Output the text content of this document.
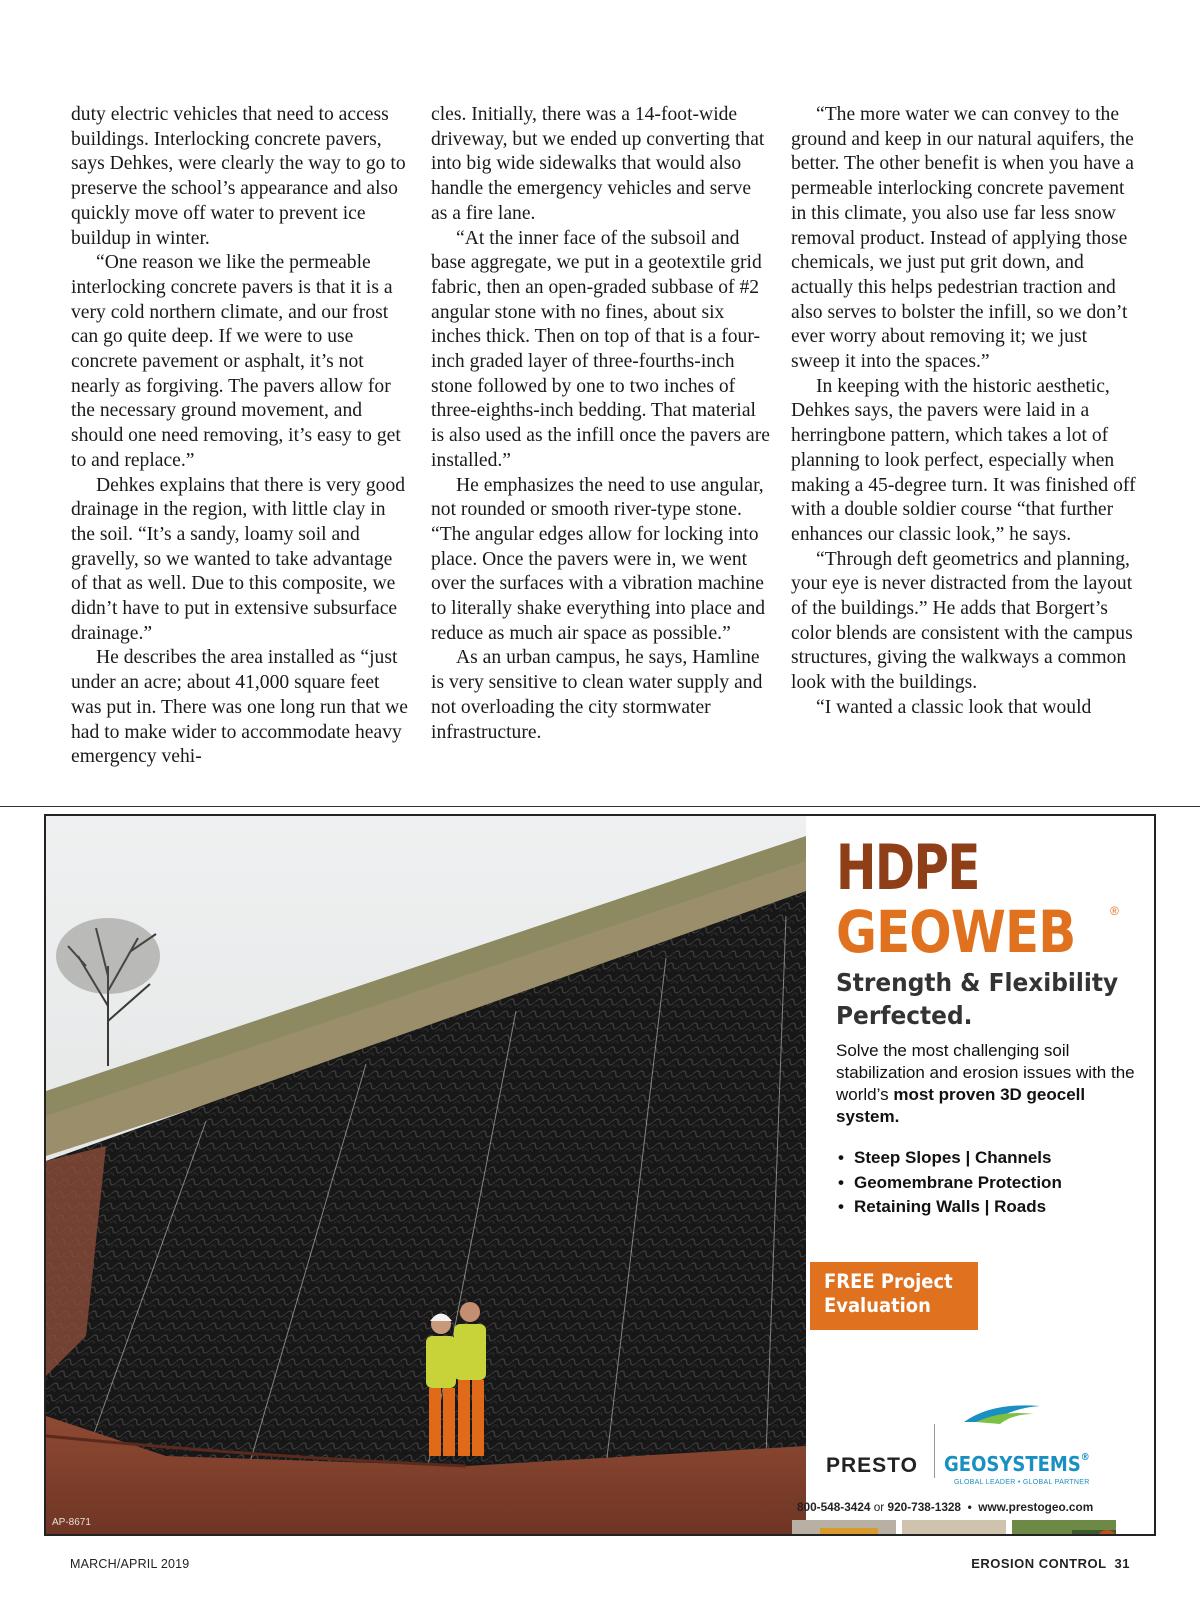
duty electric vehicles that need to access buildings. Interlocking concrete pavers, says Dehkes, were clearly the way to go to preserve the school’s appearance and also quickly move off water to prevent ice buildup in winter.

“One reason we like the permeable interlocking concrete pavers is that it is a very cold northern climate, and our frost can go quite deep. If we were to use concrete pavement or asphalt, it’s not nearly as forgiving. The pavers allow for the necessary ground movement, and should one need removing, it’s easy to get to and replace.”

Dehkes explains that there is very good drainage in the region, with little clay in the soil. “It’s a sandy, loamy soil and gravelly, so we wanted to take advantage of that as well. Due to this composite, we didn’t have to put in extensive subsurface drainage.”

He describes the area installed as “just under an acre; about 41,000 square feet was put in. There was one long run that we had to make wider to accommodate heavy emergency vehi-

cles. Initially, there was a 14-foot-wide driveway, but we ended up converting that into big wide sidewalks that would also handle the emergency vehicles and serve as a fire lane.

“At the inner face of the subsoil and base aggregate, we put in a geotextile grid fabric, then an open-graded subbase of #2 angular stone with no fines, about six inches thick. Then on top of that is a four-inch graded layer of three-fourths-inch stone followed by one to two inches of three-eighths-inch bedding. That material is also used as the infill once the pavers are installed.”

He emphasizes the need to use angular, not rounded or smooth river-type stone. “The angular edges allow for locking into place. Once the pavers were in, we went over the surfaces with a vibration machine to literally shake everything into place and reduce as much air space as possible.”

As an urban campus, he says, Hamline is very sensitive to clean water supply and not overloading the city stormwater infrastructure.

“The more water we can convey to the ground and keep in our natural aquifers, the better. The other benefit is when you have a permeable interlocking concrete pavement in this climate, you also use far less snow removal product. Instead of applying those chemicals, we just put grit down, and actually this helps pedestrian traction and also serves to bolster the infill, so we don’t ever worry about removing it; we just sweep it into the spaces.”

In keeping with the historic aesthetic, Dehkes says, the pavers were laid in a herringbone pattern, which takes a lot of planning to look perfect, especially when making a 45-degree turn. It was finished off with a double soldier course “that further enhances our classic look,” he says.

“Through deft geometrics and planning, your eye is never distracted from the layout of the buildings.” He adds that Borgert’s color blends are consistent with the campus structures, giving the walkways a common look with the buildings.

“I wanted a classic look that would

AP-8671
HDPE
GEOWEB	®
Strength & Flexibility Perfected.
Solve the most challenging soil stabilization and erosion issues with the world’s most proven 3D geocell system.
• Steep Slopes | Channels
• Geomembrane Protection
• Retaining Walls | Roads
FREE Project Evaluation
PRESTO GEOSYSTEMS®
GLOBAL LEADER • GLOBAL PARTNER
800-548-3424 or 920-738-1328 • www.prestogeo.com
MARCH/APRIL 2019	EROSION CONTROL 31
